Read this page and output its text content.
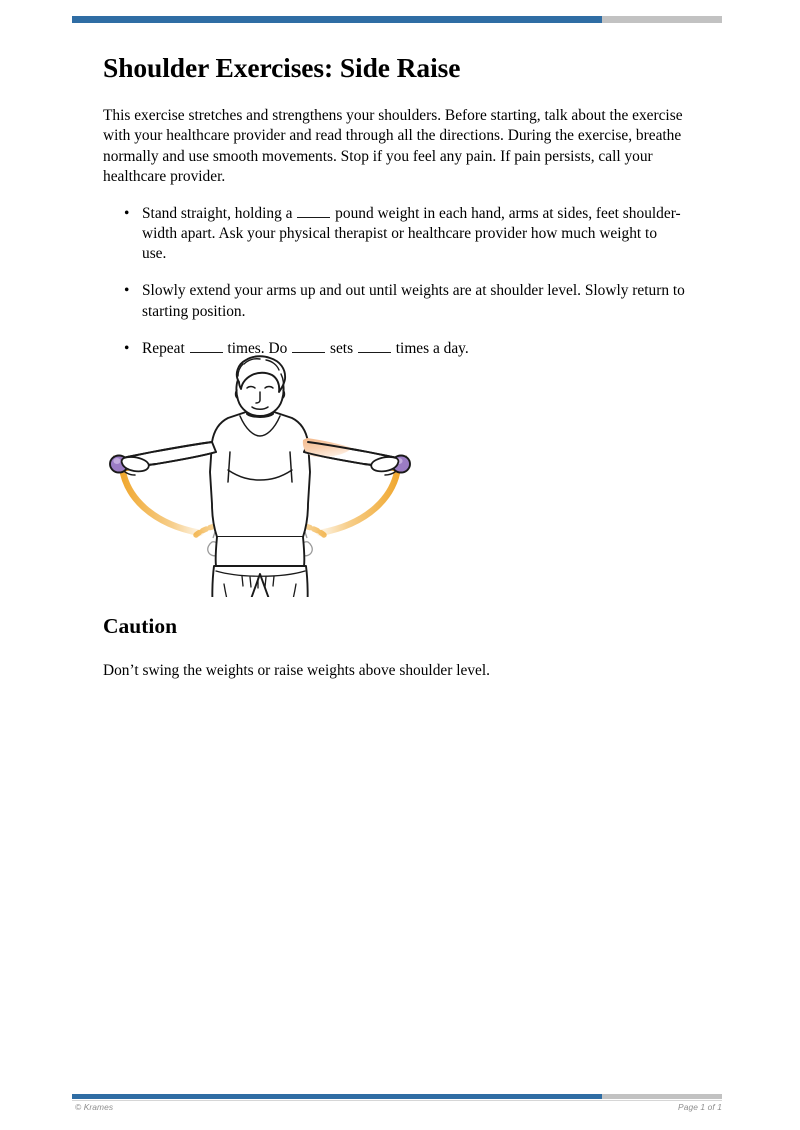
Shoulder Exercises: Side Raise

This exercise stretches and strengthens your shoulders. Before starting, talk about the exercise with your healthcare provider and read through all the directions. During the exercise, breathe normally and use smooth movements. Stop if you feel any pain. If pain persists, call your healthcare provider.

• Stand straight, holding a  pound weight in each hand, arms at sides, feet shoulder-width apart. Ask your physical therapist or healthcare provider how much weight to use.
• Slowly extend your arms up and out until weights are at shoulder level. Slowly return to starting position.
• Repeat  times. Do  sets  times a day.
Caution

Don’t swing the weights or raise weights above shoulder level.

© Krames	Page 1 of 1
